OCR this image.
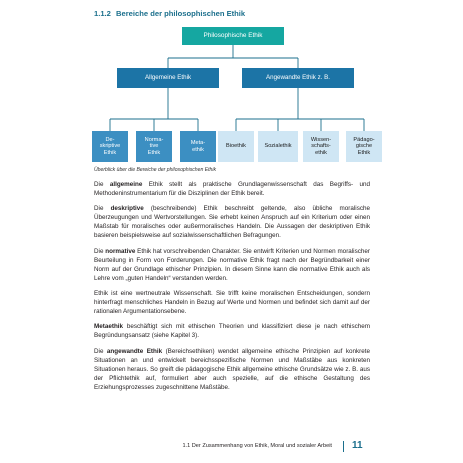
1.1.2 Bereiche der philosophischen Ethik
Philosophische Ethik
Allgemeine Ethik	Angewandte Ethik z. B.
De-
skriptive
Ethik
Norma-
tive
Ethik
Meta-
ethik
Bioethik	Sozialethik
Wissen-
schafts-
ethik
Pädago-
gische
Ethik
Überblick über die Bereiche der philosophischen Ethik

Die allgemeine Ethik stellt als praktische Grundlagenwissenschaft das Begriffs- und Methodeninstrumentarium für die Disziplinen der Ethik bereit.

Die deskriptive (beschreibende) Ethik beschreibt geltende, also übliche moralische Überzeugungen und Wertvorstellungen. Sie erhebt keinen Anspruch auf ein Kriterium oder einen Maßstab für moralisches oder außermoralisches Handeln. Die Aussagen der deskriptiven Ethik basieren beispielsweise auf sozialwissenschaftlichen Befragungen.

Die normative Ethik hat vorschreibenden Charakter. Sie entwirft Kriterien und Normen moralischer Beurteilung in Form von Forderungen. Die normative Ethik fragt nach der Begründbarkeit einer Norm auf der Grundlage ethischer Prinzipien. In diesem Sinne kann die normative Ethik auch als Lehre vom „guten Handeln“ verstanden werden.

Ethik ist eine wertneutrale Wissenschaft. Sie trifft keine moralischen Entscheidungen, sondern hinterfragt menschliches Handeln in Bezug auf Werte und Normen und befindet sich damit auf der rationalen Argumentationsebene.

Metaethik beschäftigt sich mit ethischen Theorien und klassifiziert diese je nach ethischem Begründungsansatz (siehe Kapitel 3).

Die angewandte Ethik (Bereichsethiken) wendet allgemeine ethische Prinzipien auf konkrete Situationen an und entwickelt bereichsspezifische Normen und Maßstäbe aus konkreten Situationen heraus. So greift die pädagogische Ethik allgemeine ethische Grundsätze wie z. B. aus der Pflichtethik auf, formuliert aber auch spezielle, auf die ethische Gestaltung des Erziehungsprozesses zugeschnittene Maßstäbe.

1.1 Der Zusammenhang von Ethik, Moral und sozialer Arbeit 11
